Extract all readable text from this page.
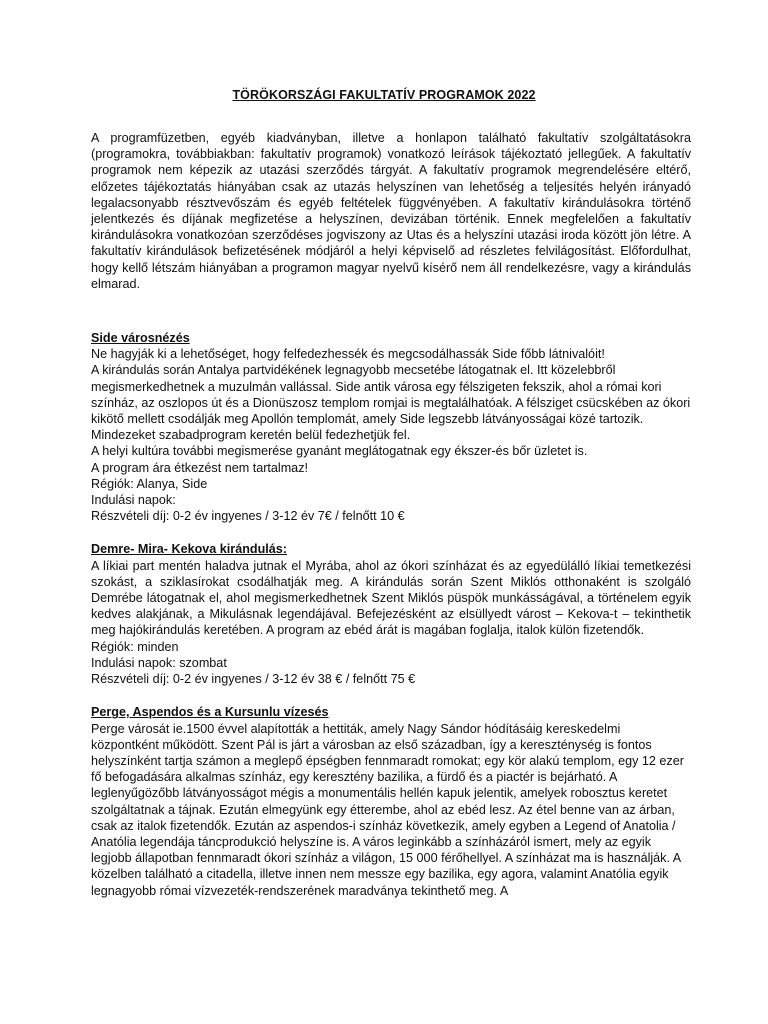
TÖRÖKORSZÁGI FAKULTATÍV PROGRAMOK 2022

A programfüzetben, egyéb kiadványban, illetve a honlapon található fakultatív szolgáltatásokra (programokra, továbbiakban: fakultatív programok) vonatkozó leírások tájékoztató jellegűek. A fakultatív programok nem képezik az utazási szerződés tárgyát. A fakultatív programok megrendelésére eltérő, előzetes tájékoztatás hiányában csak az utazás helyszínen van lehetőség a teljesítés helyén irányadó legalacsonyabb résztvevőszám és egyéb feltételek függvényében. A fakultatív kirándulásokra történő jelentkezés és díjának megfizetése a helyszínen, devizában történik. Ennek megfelelően a fakultatív kirándulásokra vonatkozóan szerződéses jogviszony az Utas és a helyszíni utazási iroda között jön létre. A fakultatív kirándulások befizetésének módjáról a helyi képviselő ad részletes felvilágosítást. Előfordulhat, hogy kellő létszám hiányában a programon magyar nyelvű kísérő nem áll rendelkezésre, vagy a kirándulás elmarad.

Side városnézés

Ne hagyják ki a lehetőséget, hogy felfedezhessék és megcsodálhassák Side főbb látnivalóit!

A kirándulás során Antalya partvidékének legnagyobb mecsetébe látogatnak el. Itt közelebbről megismerkedhetnek a muzulmán vallással. Side antik városa egy félszigeten fekszik, ahol a római kori színház, az oszlopos út és a Dionüszosz templom romjai is megtalálhatóak. A félsziget csücskében az ókori kikötő mellett csodálják meg Apollón templomát, amely Side legszebb látványosságai közé tartozik. Mindezeket szabadprogram keretén belül fedezhetjük fel.

A helyi kultúra további megismerése gyanánt meglátogatnak egy ékszer-és bőr üzletet is.

A program ára étkezést nem tartalmaz!

Régiók: Alanya, Side

Indulási napok:

Részvételi díj: 0-2 év ingyenes / 3-12 év 7€ / felnőtt 10 €

Demre- Mira- Kekova kirándulás:

A líkiai part mentén haladva jutnak el Myrába, ahol az ókori színházat és az egyedülálló líkiai temetkezési szokást, a sziklasírokat csodálhatják meg. A kirándulás során Szent Miklós otthonaként is szolgáló Demrébe látogatnak el, ahol megismerkedhetnek Szent Miklós püspök munkásságával, a történelem egyik kedves alakjának, a Mikulásnak legendájával. Befejezésként az elsüllyedt várost – Kekova-t – tekinthetik meg hajókirándulás keretében. A program az ebéd árát is magában foglalja, italok külön fizetendők.

Régiók: minden

Indulási napok: szombat

Részvételi díj: 0-2 év ingyenes / 3-12 év 38 € / felnőtt 75 €

Perge, Aspendos és a Kursunlu vízesés

Perge városát ie.1500 évvel alapították a hettiták, amely Nagy Sándor hódításáig kereskedelmi központként működött. Szent Pál is járt a városban az első században, így a kereszténység is fontos helyszínként tartja számon a meglepő épségben fennmaradt romokat; egy kör alakú templom, egy 12 ezer fő befogadására alkalmas színház, egy keresztény bazilika, a fürdő és a piactér is bejárható. A leglenyűgözőbb látványosságot mégis a monumentális hellén kapuk jelentik, amelyek robosztus keretet szolgáltatnak a tájnak. Ezután elmegyünk egy étterembe, ahol az ebéd lesz. Az étel benne van az árban, csak az italok fizetendők. Ezután az aspendos-i színház következik, amely egyben a Legend of Anatolia / Anatólia legendája táncprodukció helyszíne is. A város leginkább a színházáról ismert, mely az egyik legjobb állapotban fennmaradt ókori színház a világon, 15 000 férőhellyel. A színházat ma is használják. A közelben található a citadella, illetve innen nem messze egy bazilika, egy agora, valamint Anatólia egyik legnagyobb római vízvezeték-rendszerének maradványa tekinthető meg. A
